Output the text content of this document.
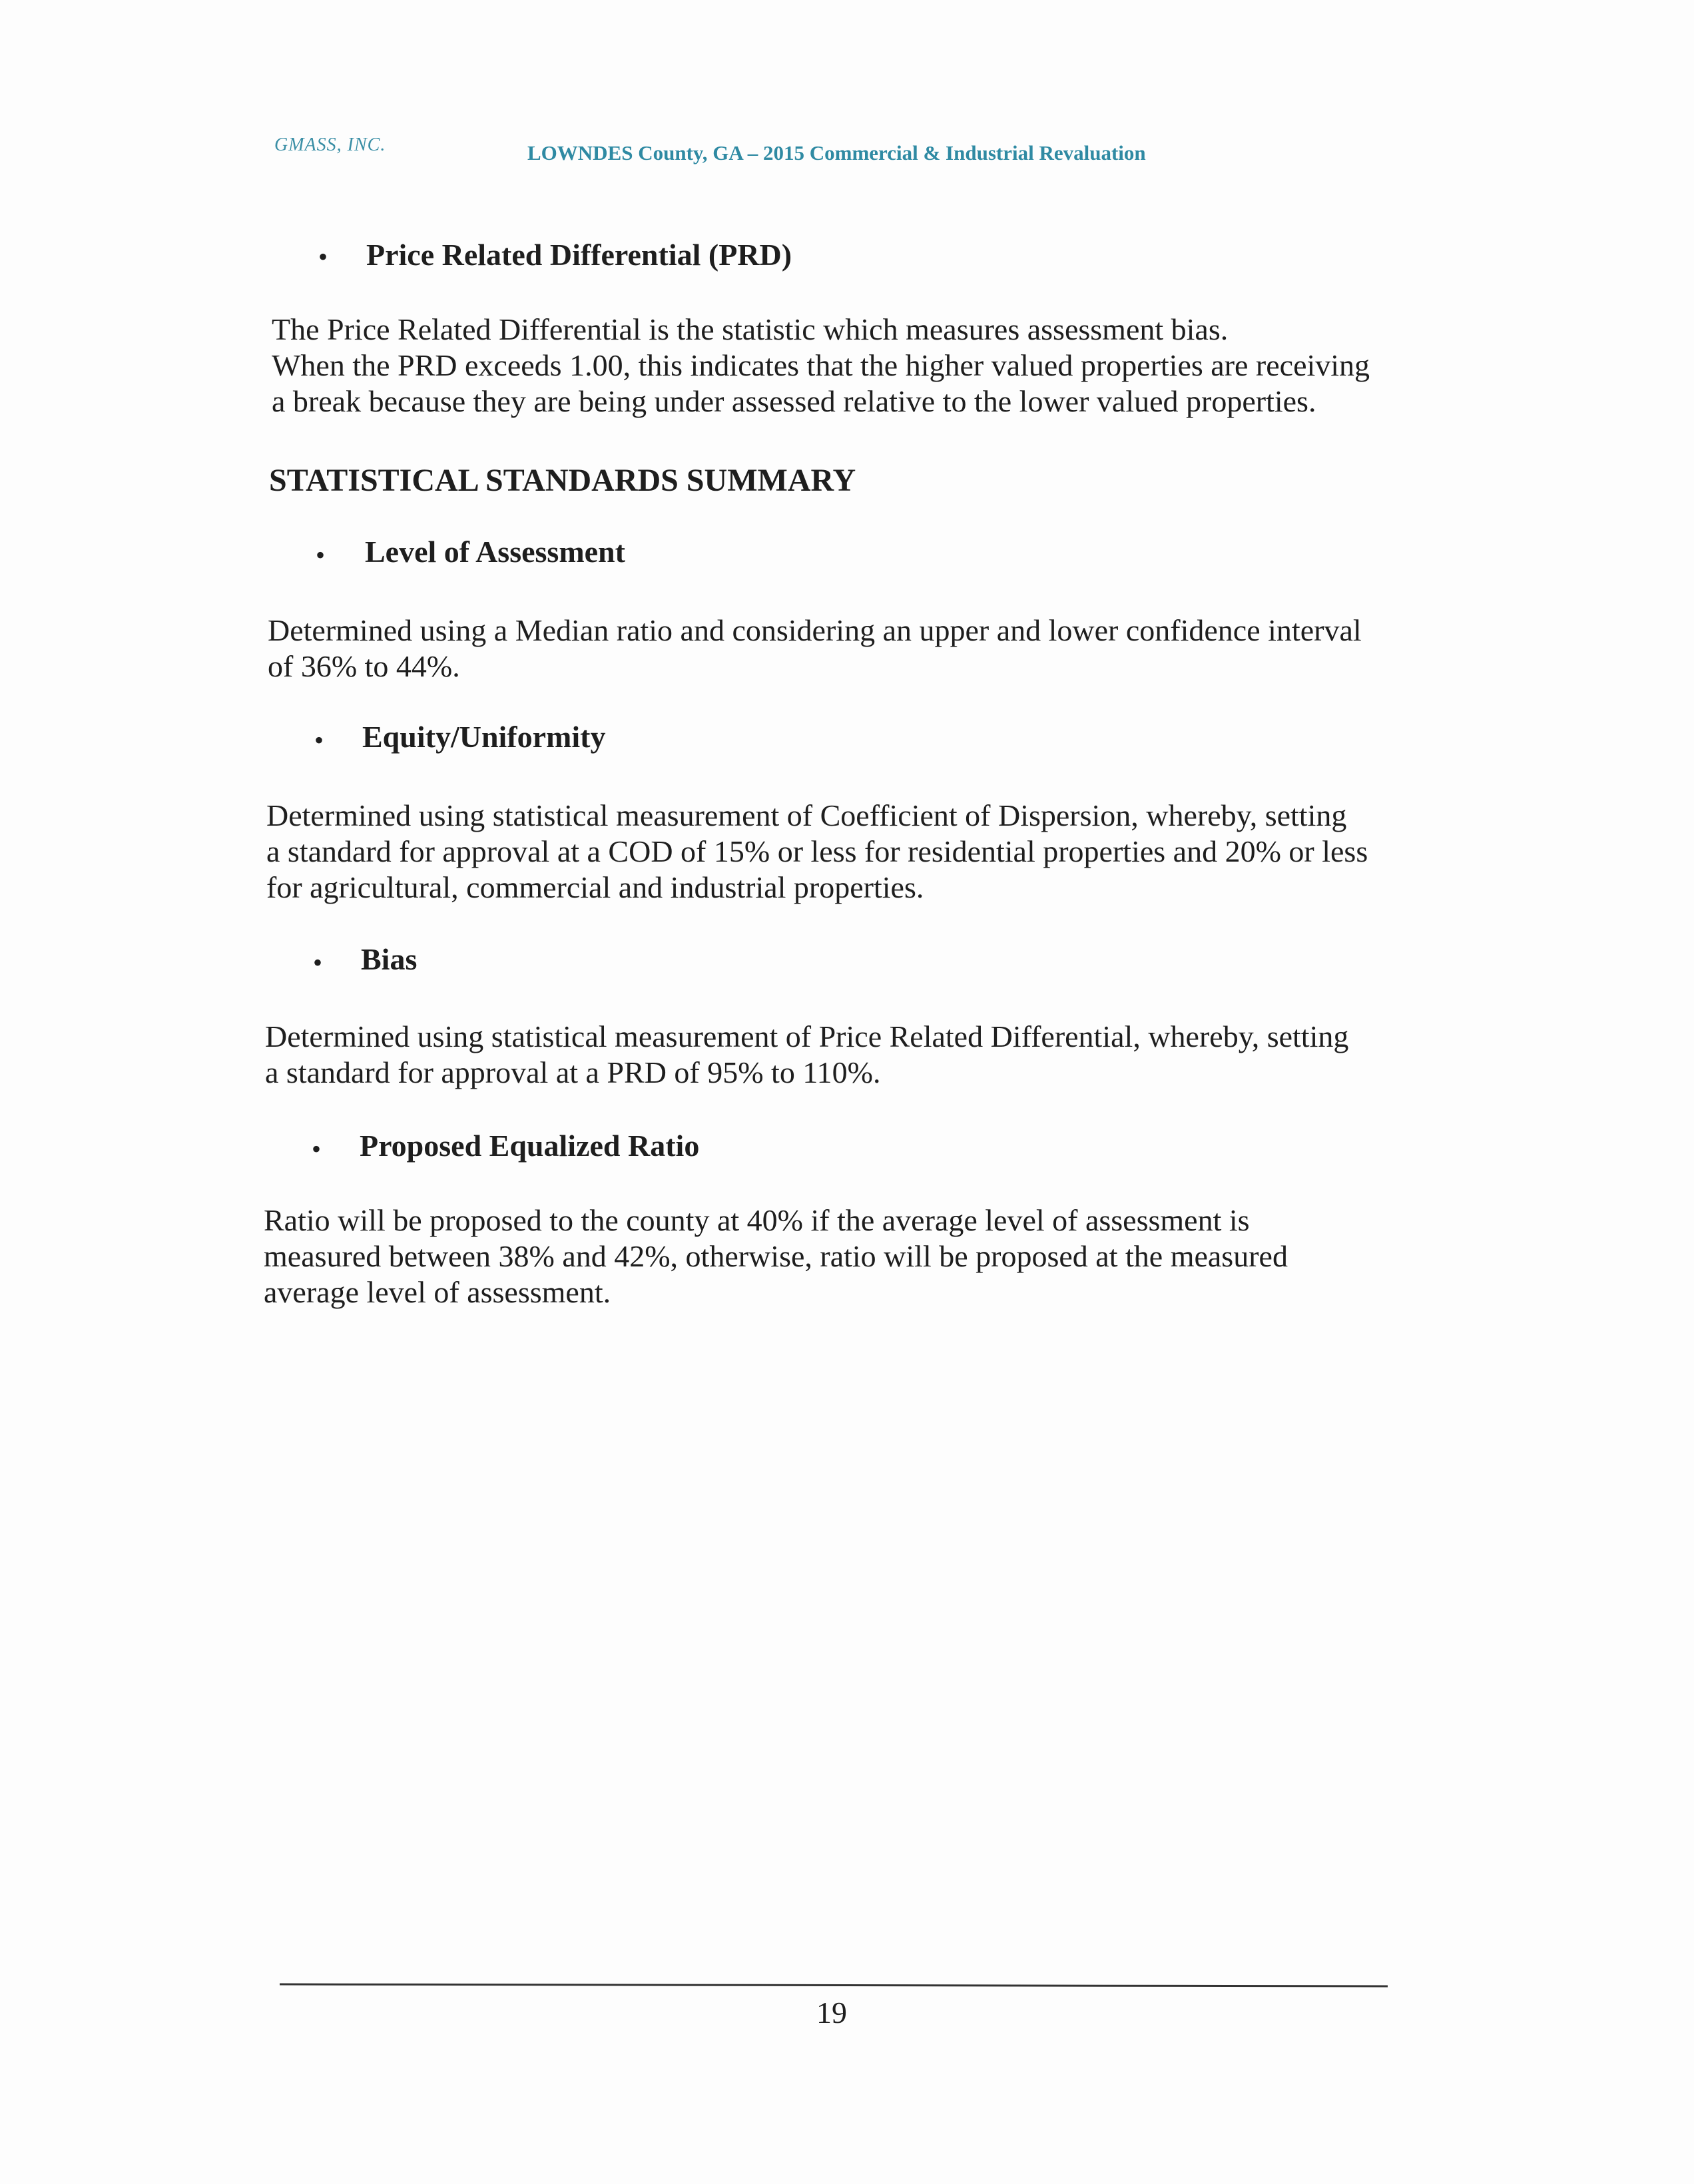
GMASS, INC.	LOWNDES County, GA – 2015 Commercial & Industrial Revaluation
• Price Related Differential (PRD)
The Price Related Differential is the statistic which measures assessment bias.
When the PRD exceeds 1.00, this indicates that the higher valued properties are receiving
a break because they are being under assessed relative to the lower valued properties.
STATISTICAL STANDARDS SUMMARY
• Level of Assessment
Determined using a Median ratio and considering an upper and lower confidence interval
of 36% to 44%.
• Equity/Uniformity
Determined using statistical measurement of Coefficient of Dispersion, whereby, setting
a standard for approval at a COD of 15% or less for residential properties and 20% or less
for agricultural, commercial and industrial properties.
• Bias
Determined using statistical measurement of Price Related Differential, whereby, setting
a standard for approval at a PRD of 95% to 110%.
• Proposed Equalized Ratio
Ratio will be proposed to the county at 40% if the average level of assessment is
measured between 38% and 42%, otherwise, ratio will be proposed at the measured
average level of assessment.
19
